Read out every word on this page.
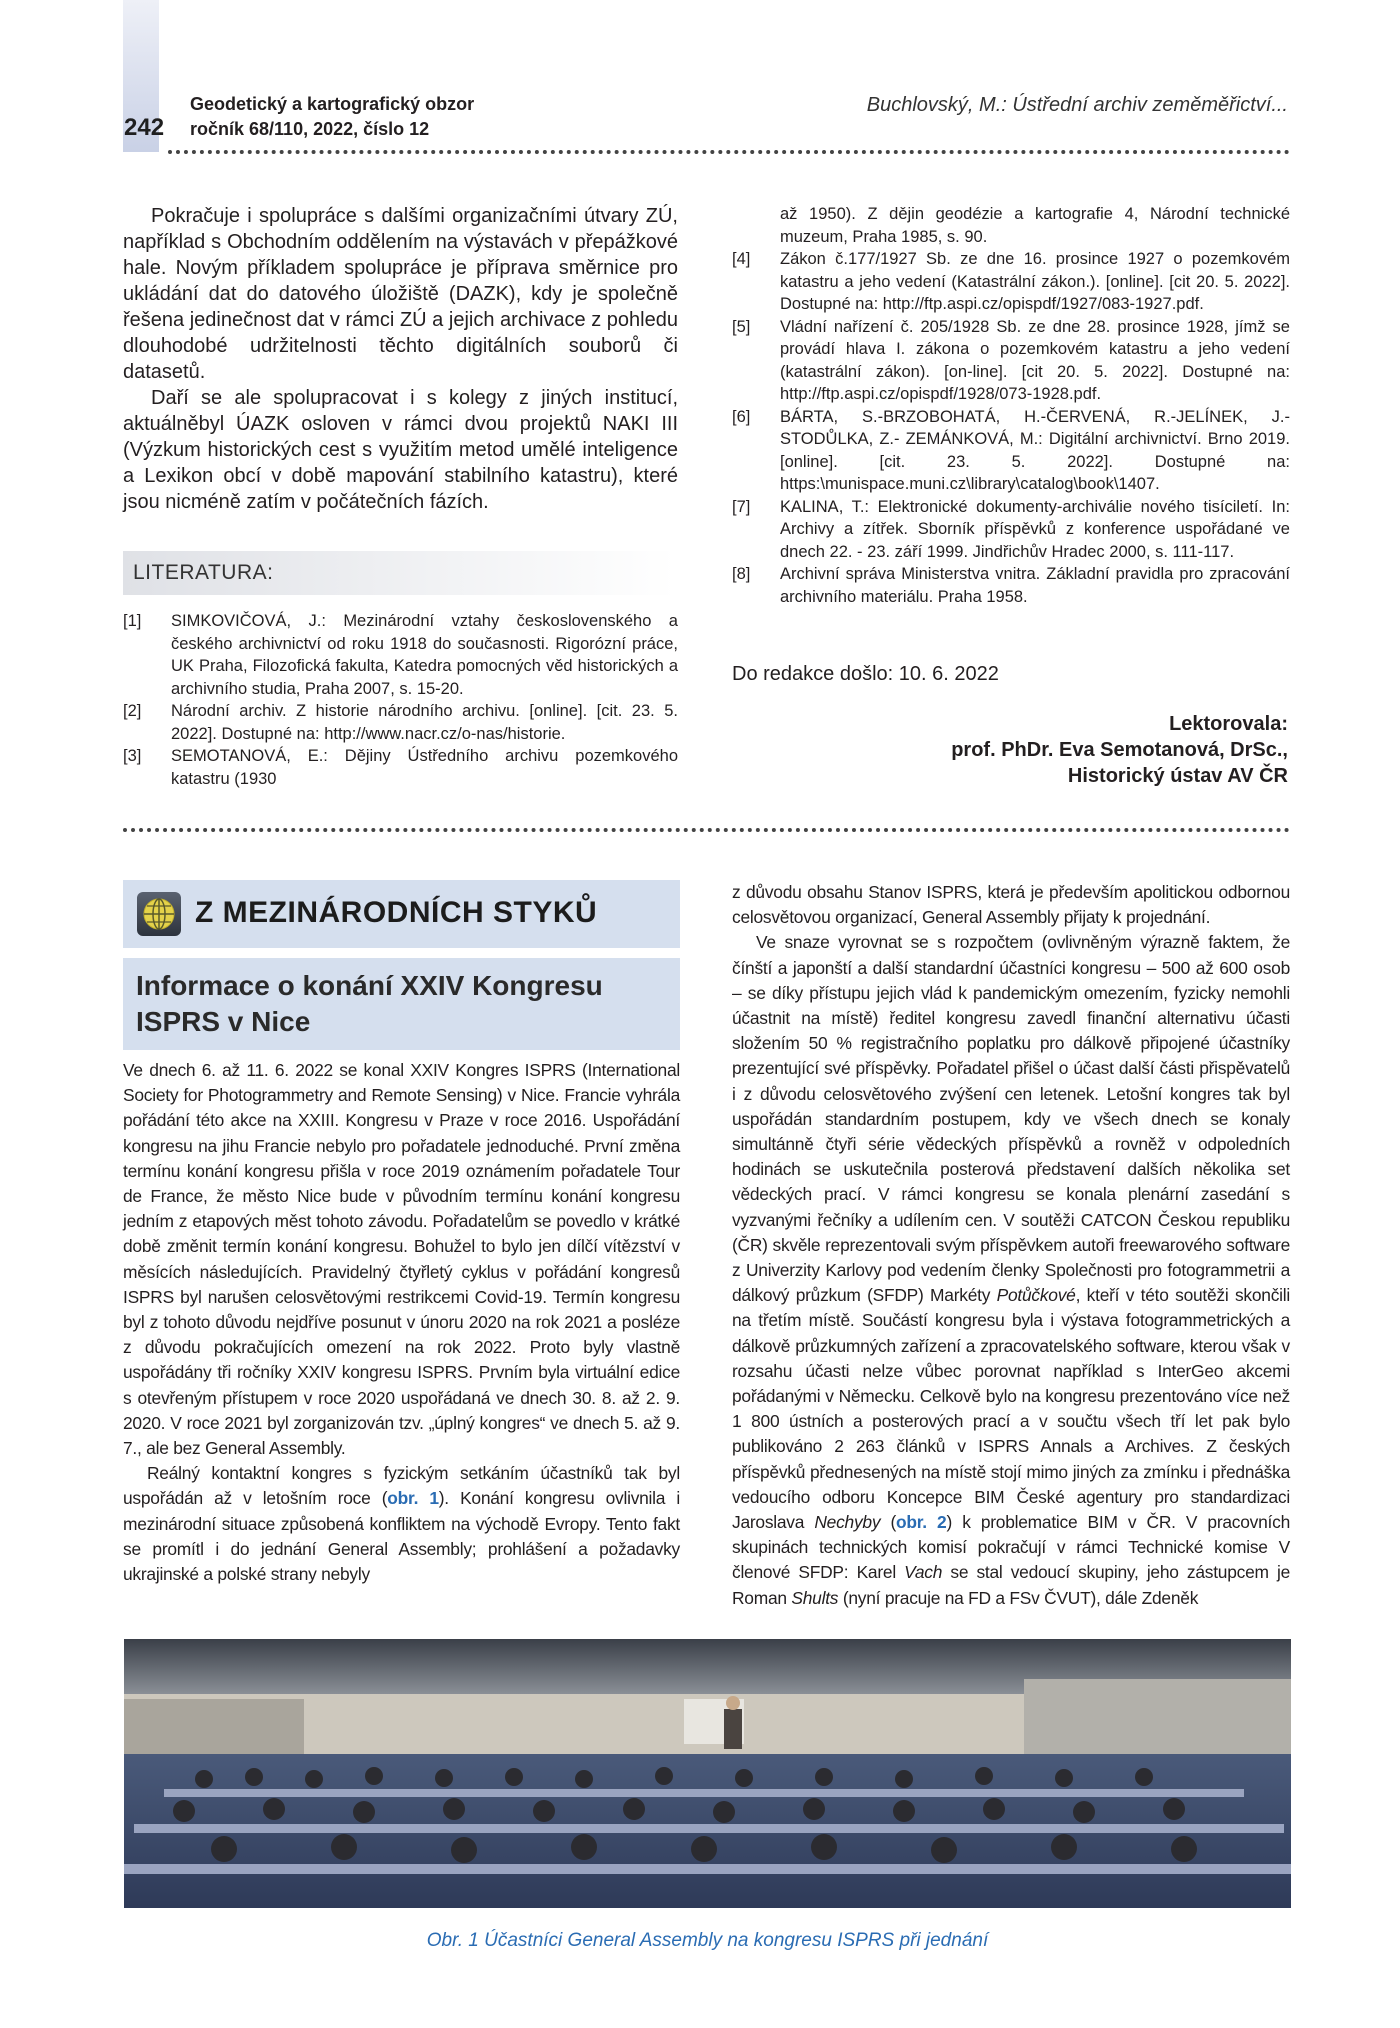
242
Geodetický a kartografický obzor
ročník 68/110, 2022, číslo 12
Buchlovský, M.: Ústřední archiv zeměměřictví...

Pokračuje i spolupráce s dalšími organizačními útvary ZÚ, například s Obchodním oddělením na výstavách v přepážkové hale. Novým příkladem spolupráce je příprava směrnice pro ukládání dat do datového úložiště (DAZK), kdy je společně řešena jedinečnost dat v rámci ZÚ a jejich archivace z pohledu dlouhodobé udržitelnosti těchto digitálních souborů či datasetů.

Daří se ale spolupracovat i s kolegy z jiných institucí, aktuálněbyl ÚAZK osloven v rámci dvou projektů NAKI III (Výzkum historických cest s využitím metod umělé inteligence a Lexikon obcí v době mapování stabilního katastru), které jsou nicméně zatím v počátečních fázích.

LITERATURA:
[1] SIMKOVIČOVÁ, J.: Mezinárodní vztahy československého a českého archivnictví od roku 1918 do současnosti. Rigorózní práce, UK Praha, Filozofická fakulta, Katedra pomocných věd historických a archivního studia, Praha 2007, s. 15-20.
[2] Národní archiv. Z historie národního archivu. [online]. [cit. 23. 5. 2022]. Dostupné na: http://www.nacr.cz/o-nas/historie.
[3] SEMOTANOVÁ, E.: Dějiny Ústředního archivu pozemkového katastru (1930
až 1950). Z dějin geodézie a kartografie 4, Národní technické muzeum, Praha 1985, s. 90.
[4] Zákon č.177/1927 Sb. ze dne 16. prosince 1927 o pozemkovém katastru a jeho vedení (Katastrální zákon.). [online]. [cit 20. 5. 2022]. Dostupné na: http://ftp.aspi.cz/opispdf/1927/083-1927.pdf.
[5] Vládní nařízení č. 205/1928 Sb. ze dne 28. prosince 1928, jímž se provádí hlava I. zákona o pozemkovém katastru a jeho vedení (katastrální zákon). [on-line]. [cit 20. 5. 2022]. Dostupné na: http://ftp.aspi.cz/opispdf/1928/073-1928.pdf.
[6] BÁRTA, S.-BRZOBOHATÁ, H.-ČERVENÁ, R.-JELÍNEK, J.-STODŮLKA, Z.- ZEMÁNKOVÁ, M.: Digitální archivnictví. Brno 2019. [online]. [cit. 23. 5. 2022]. Dostupné na: https:\munispace.muni.cz\library\catalog\book\1407.
[7] KALINA, T.: Elektronické dokumenty-archiválie nového tisíciletí. In: Archivy a zítřek. Sborník příspěvků z konference uspořádané ve dnech 22. - 23. září 1999. Jindřichův Hradec 2000, s. 111-117.
[8] Archivní správa Ministerstva vnitra. Základní pravidla pro zpracování archivního materiálu. Praha 1958.
Do redakce došlo: 10. 6. 2022
Lektorovala:
prof. PhDr. Eva Semotanová, DrSc.,
Historický ústav AV ČR
Z MEZINÁRODNÍCH STYKŮ
Informace o konání XXIV Kongresu ISPRS v Nice

Ve dnech 6. až 11. 6. 2022 se konal XXIV Kongres ISPRS (International Society for Photogrammetry and Remote Sensing) v Nice. Francie vyhrála pořádání této akce na XXIII. Kongresu v Praze v roce 2016. Uspořádání kongresu na jihu Francie nebylo pro pořadatele jednoduché. První změna termínu konání kongresu přišla v roce 2019 oznámením pořadatele Tour de France, že město Nice bude v původním termínu konání kongresu jedním z etapových měst tohoto závodu. Pořadatelům se povedlo v krátké době změnit termín konání kongresu. Bohužel to bylo jen dílčí vítězství v měsících následujících. Pravidelný čtyřletý cyklus v pořádání kongresů ISPRS byl narušen celosvětovými restrikcemi Covid-19. Termín kongresu byl z tohoto důvodu nejdříve posunut v únoru 2020 na rok 2021 a posléze z důvodu pokračujících omezení na rok 2022. Proto byly vlastně uspořádány tři ročníky XXIV kongresu ISPRS. Prvním byla virtuální edice s otevřeným přístupem v roce 2020 uspořádaná ve dnech 30. 8. až 2. 9. 2020. V roce 2021 byl zorganizován tzv. „úplný kongres“ ve dnech 5. až 9. 7., ale bez General Assembly.

Reálný kontaktní kongres s fyzickým setkáním účastníků tak byl uspořádán až v letošním roce (obr. 1). Konání kongresu ovlivnila i mezinárodní situace způsobená konfliktem na východě Evropy. Tento fakt se promítl i do jednání General Assembly; prohlášení a požadavky ukrajinské a polské strany nebyly

z důvodu obsahu Stanov ISPRS, která je především apolitickou odbornou celosvětovou organizací, General Assembly přijaty k projednání.

Ve snaze vyrovnat se s rozpočtem (ovlivněným výrazně faktem, že čínští a japonští a další standardní účastníci kongresu – 500 až 600 osob – se díky přístupu jejich vlád k pandemickým omezením, fyzicky nemohli účastnit na místě) ředitel kongresu zavedl finanční alternativu účasti složením 50 % registračního poplatku pro dálkově připojené účastníky prezentující své příspěvky. Pořadatel přišel o účast další části přispěvatelů i z důvodu celosvětového zvýšení cen letenek. Letošní kongres tak byl uspořádán standardním postupem, kdy ve všech dnech se konaly simultánně čtyři série vědeckých příspěvků a rovněž v odpoledních hodinách se uskutečnila posterová představení dalších několika set vědeckých prací. V rámci kongresu se konala plenární zasedání s vyzvanými řečníky a udílením cen. V soutěži CATCON Českou republiku (ČR) skvěle reprezentovali svým příspěvkem autoři freewarového software z Univerzity Karlovy pod vedením členky Společnosti pro fotogrammetrii a dálkový průzkum (SFDP) Markéty Potůčkové, kteří v této soutěži skončili na třetím místě. Součástí kongresu byla i výstava fotogrammetrických a dálkově průzkumných zařízení a zpracovatelského software, kterou však v rozsahu účasti nelze vůbec porovnat například s InterGeo akcemi pořádanými v Německu. Celkově bylo na kongresu prezentováno více než 1 800 ústních a posterových prací a v součtu všech tří let pak bylo publikováno 2 263 článků v ISPRS Annals a Archives. Z českých příspěvků přednesených na místě stojí mimo jiných za zmínku i přednáška vedoucího odboru Koncepce BIM České agentury pro standardizaci Jaroslava Nechyby (obr. 2) k problematice BIM v ČR. V pracovních skupinách technických komisí pokračují v rámci Technické komise V členové SFDP: Karel Vach se stal vedoucí skupiny, jeho zástupcem je Roman Shults (nyní pracuje na FD a FSv ČVUT), dále Zdeněk

Obr. 1 Účastníci General Assembly na kongresu ISPRS při jednání
